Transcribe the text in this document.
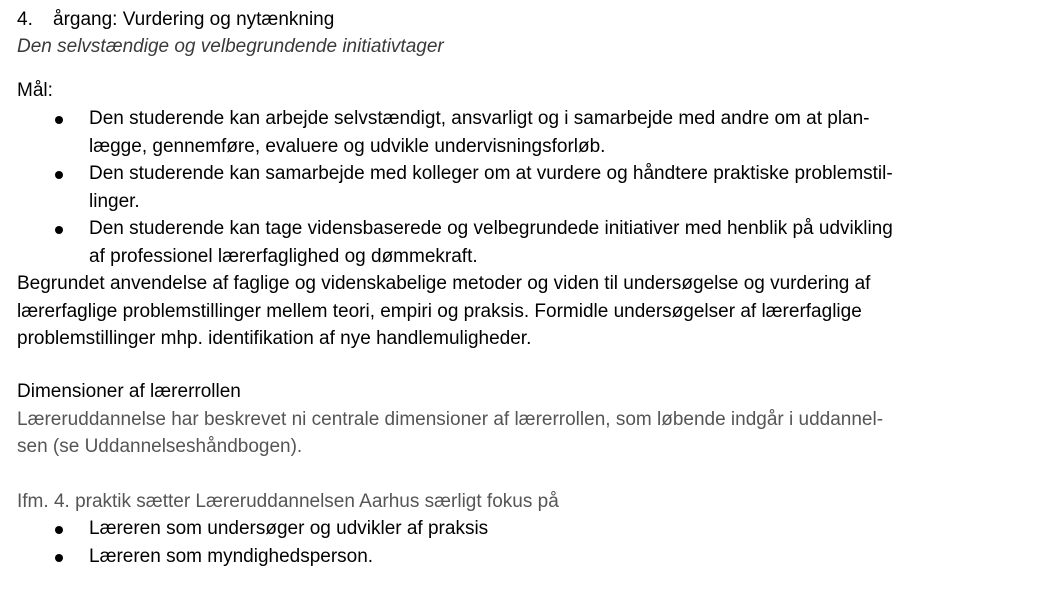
4. årgang: Vurdering og nytænkning
Den selvstændige og velbegrundende initiativtager
Mål:
Den studerende kan arbejde selvstændigt, ansvarligt og i samarbejde med andre om at plan-
lægge, gennemføre, evaluere og udvikle undervisningsforløb.
Den studerende kan samarbejde med kolleger om at vurdere og håndtere praktiske problemstil-
linger.
Den studerende kan tage vidensbaserede og velbegrundede initiativer med henblik på udvikling
af professionel lærerfaglighed og dømmekraft.
Begrundet anvendelse af faglige og videnskabelige metoder og viden til undersøgelse og vurdering af
lærerfaglige problemstillinger mellem teori, empiri og praksis. Formidle undersøgelser af lærerfaglige
problemstillinger mhp. identifikation af nye handlemuligheder.
Dimensioner af lærerrollen
Læreruddannelse har beskrevet ni centrale dimensioner af lærerrollen, som løbende indgår i uddannel-
sen (se Uddannelseshåndbogen).
Ifm. 4. praktik sætter Læreruddannelsen Aarhus særligt fokus på
Læreren som undersøger og udvikler af praksis
Læreren som myndighedsperson.
